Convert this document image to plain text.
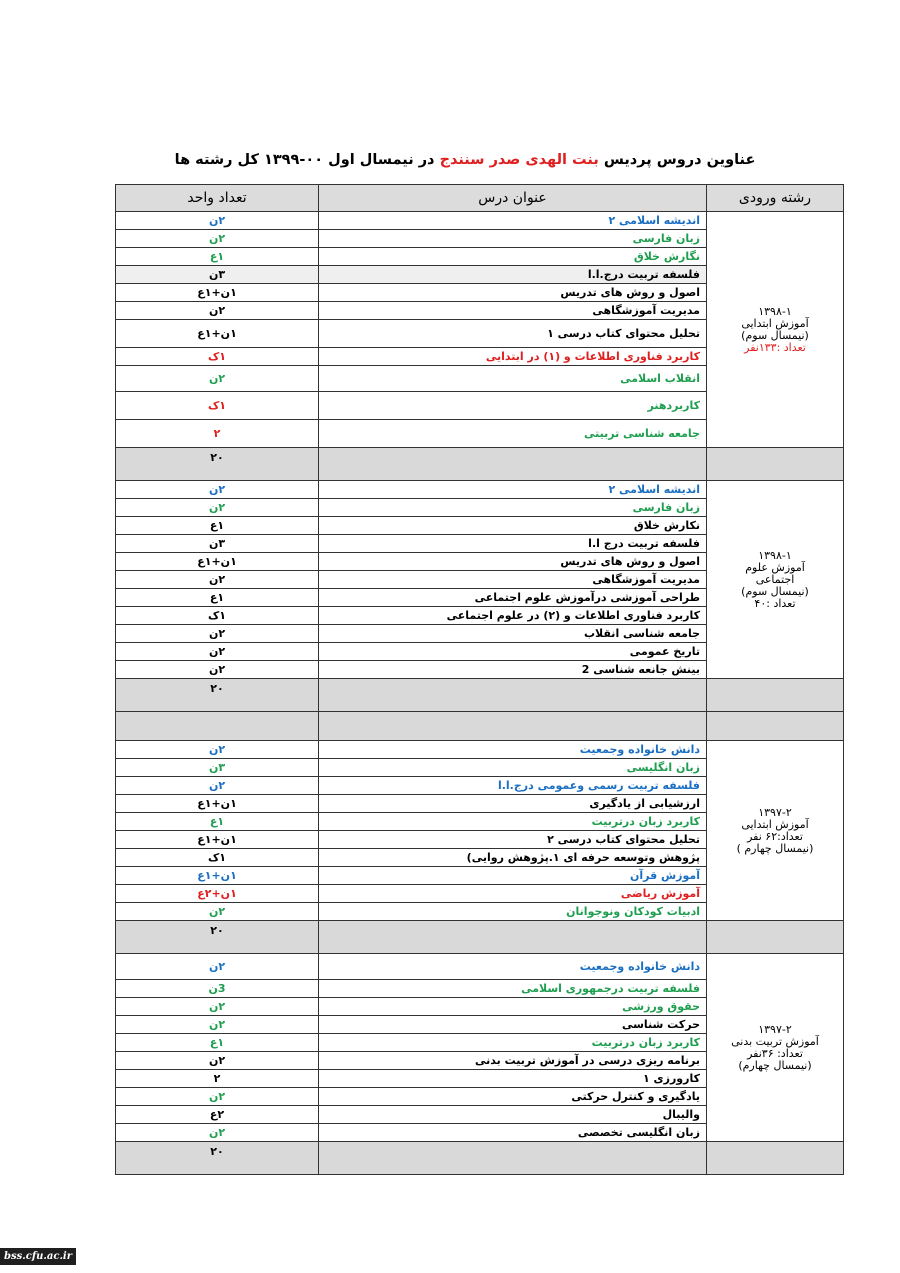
عناوین دروس پردیس بنت الهدی صدر سنندج در نیمسال اول ۰۰-۱۳۹۹ کل رشته ها
رشته ورودی	عنوان درس	تعداد واحد

۱۳۹۸-۱
آموزش ابتدایی
(نیمسال سوم)
تعداد :۱۳۳نفر	اندیشه اسلامی ۲	۲ن
	زبان فارسی	۲ن
	نگارش خلاق	۱ع
	فلسفه تربیت درج.ا.ا	۳ن
	اصول و روش های تدریس	۱ن+۱ع
	مدیریت آموزشگاهی	۲ن
	تحلیل محتوای کتاب درسی ۱	۱ن+۱ع
	کاربرد فناوری اطلاعات و (۱) در ابتدایی	۱ک
	انقلاب اسلامی	۲ن
	کاربردهنر	۱ک
	جامعه شناسی تربیتی	۲
		۲۰

۱۳۹۸-۱
آموزش علوم
اجتماعی
(نیمسال سوم)
تعداد :۴۰	اندیشه اسلامی ۲	۲ن
	زبان فارسی	۲ن
	نکارش خلاق	۱ع
	فلسفه تربیت درج ا.ا	۳ن
	اصول و روش های تدریس	۱ن+۱ع
	مدیریت آموزشگاهی	۲ن
	طراحی آموزشی درآموزش علوم اجتماعی	۱ع
	کاربرد فناوری اطلاعات و (۲) در علوم اجتماعی	۱ک
	جامعه شناسی انقلاب	۲ن
	تاریخ عمومی	۲ن
	بینش جانعه شناسی 2	۲ن
		۲۰

۱۳۹۷-۲
آموزش ابتدایی
تعداد:۶۲ نفر
(نیمسال چهارم )	دانش خانواده وجمعیت	۲ن
	زبان انگلیسی	۳ن
	فلسفه تربیت رسمی وعمومی درج.ا.ا	۲ن
	ارزشیابی از یادگیری	۱ن+۱ع
	کاربرد زبان درتربیت	۱ع
	تحلیل محتوای کتاب درسی ۲	۱ن+۱ع
	پژوهش وتوسعه حرفه ای ۱.پژوهش روایی)	۱ک
	آموزش قرآن	۱ن+۱ع
	آموزش ریاضی	۱ن+۲ع
	ادبیات کودکان ونوجوانان	۲ن
		۲۰

۱۳۹۷-۲
آموزش تربیت بدنی
تعداد: ۳۶نفر
(نیمسال چهارم)	دانش خانواده وجمعیت	۲ن
	فلسفه تربیت درجمهوری اسلامی	3ن
	حقوق ورزشی	۲ن
	حرکت شناسی	۲ن
	کاربرد زبان درتربیت	۱ع
	برنامه ریزی درسی در آموزش تربیت بدنی	۲ن
	کارورزی ۱	۲
	یادگیری و کنترل حرکتی	۲ن
	والیبال	۲ع
	زبان انگلیسی تخصصی	۲ن
		۲۰
bss.cfu.ac.ir
